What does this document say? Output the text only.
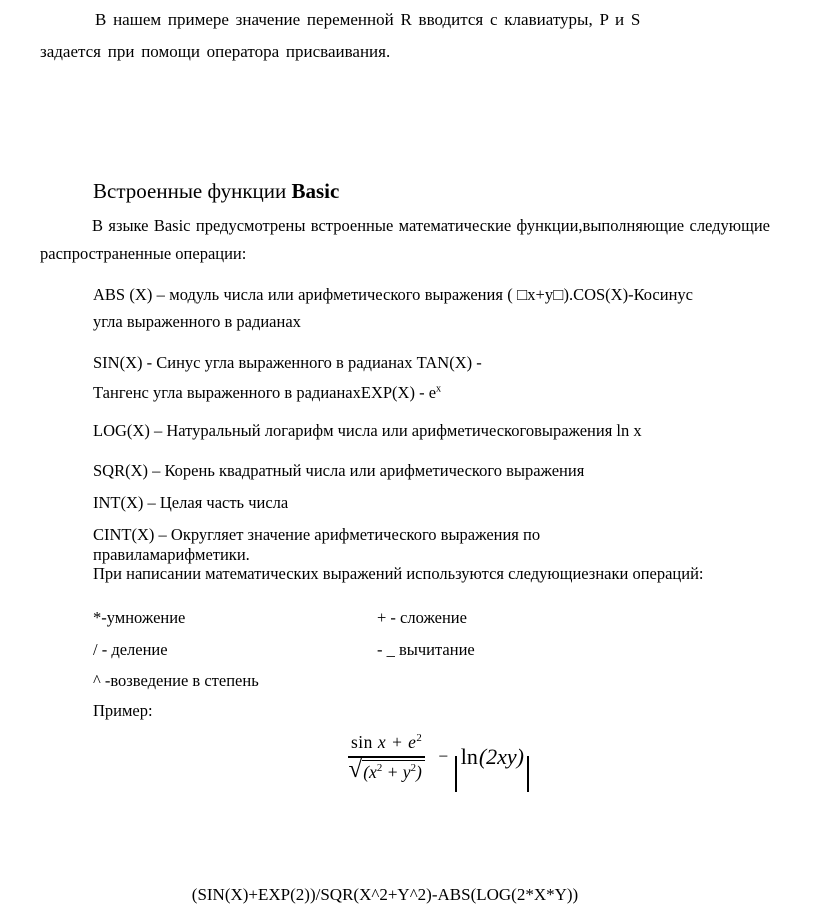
В нашем примере значение переменной R вводится с клавиатуры, P и S
задается при помощи оператора присваивания.
Встроенные функции Basic
В языке Basic предусмотрены встроенные математические функции,выполняющие следующие
распространенные операции:
ABS (X) – модуль числа или арифметического выражения ( □x+y□).COS(X)-Косинус
угла выраженного в радианах
SIN(X) - Синус угла выраженного в радианах TAN(X) -
Тангенс угла выраженного в радианахEXP(X) - $e^x$
LOG(X) – Натуральный логарифм числа или арифметическоговыражения ln x
SQR(X) – Корень квадратный числа или арифметического выражения
INT(X) – Целая часть числа
CINT(X) – Округляет значение арифметического выражения по правиламарифметики.
При написании математических выражений используются следующиезнаки операций:
*-умножение	+ - сложение
/ - деление	- _ вычитание
^ -возведение в степень
Пример:
$\frac{\sin x + e^2}{√ (x^2 + y^2)} - \ln (2xy)$
(SIN(X)+EXP(2))/SQR(X^2+Y^2)-ABS(LOG(2*X*Y))
